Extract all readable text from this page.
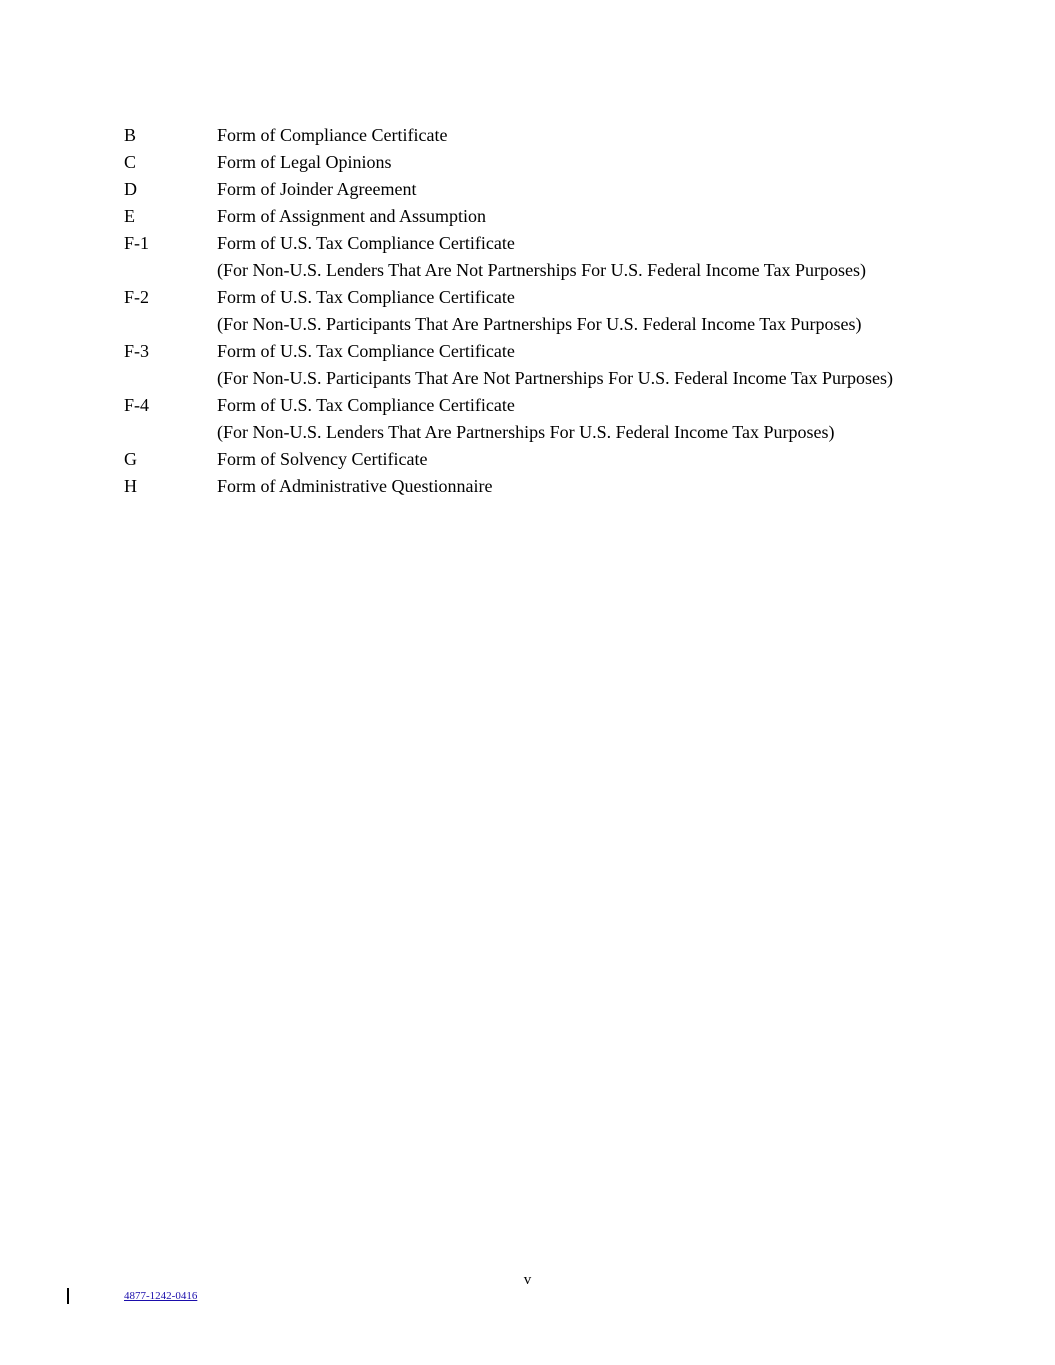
B	Form of Compliance Certificate
C	Form of Legal Opinions
D	Form of Joinder Agreement
E	Form of Assignment and Assumption
F-1	Form of U.S. Tax Compliance Certificate
(For Non-U.S. Lenders That Are Not Partnerships For U.S. Federal Income Tax Purposes)
F-2	Form of U.S. Tax Compliance Certificate
(For Non-U.S. Participants That Are Partnerships For U.S. Federal Income Tax Purposes)
F-3	Form of U.S. Tax Compliance Certificate
(For Non-U.S. Participants That Are Not Partnerships For U.S. Federal Income Tax Purposes)
F-4	Form of U.S. Tax Compliance Certificate
(For Non-U.S. Lenders That Are Partnerships For U.S. Federal Income Tax Purposes)
G	Form of Solvency Certificate
H	Form of Administrative Questionnaire
v
4877-1242-0416
